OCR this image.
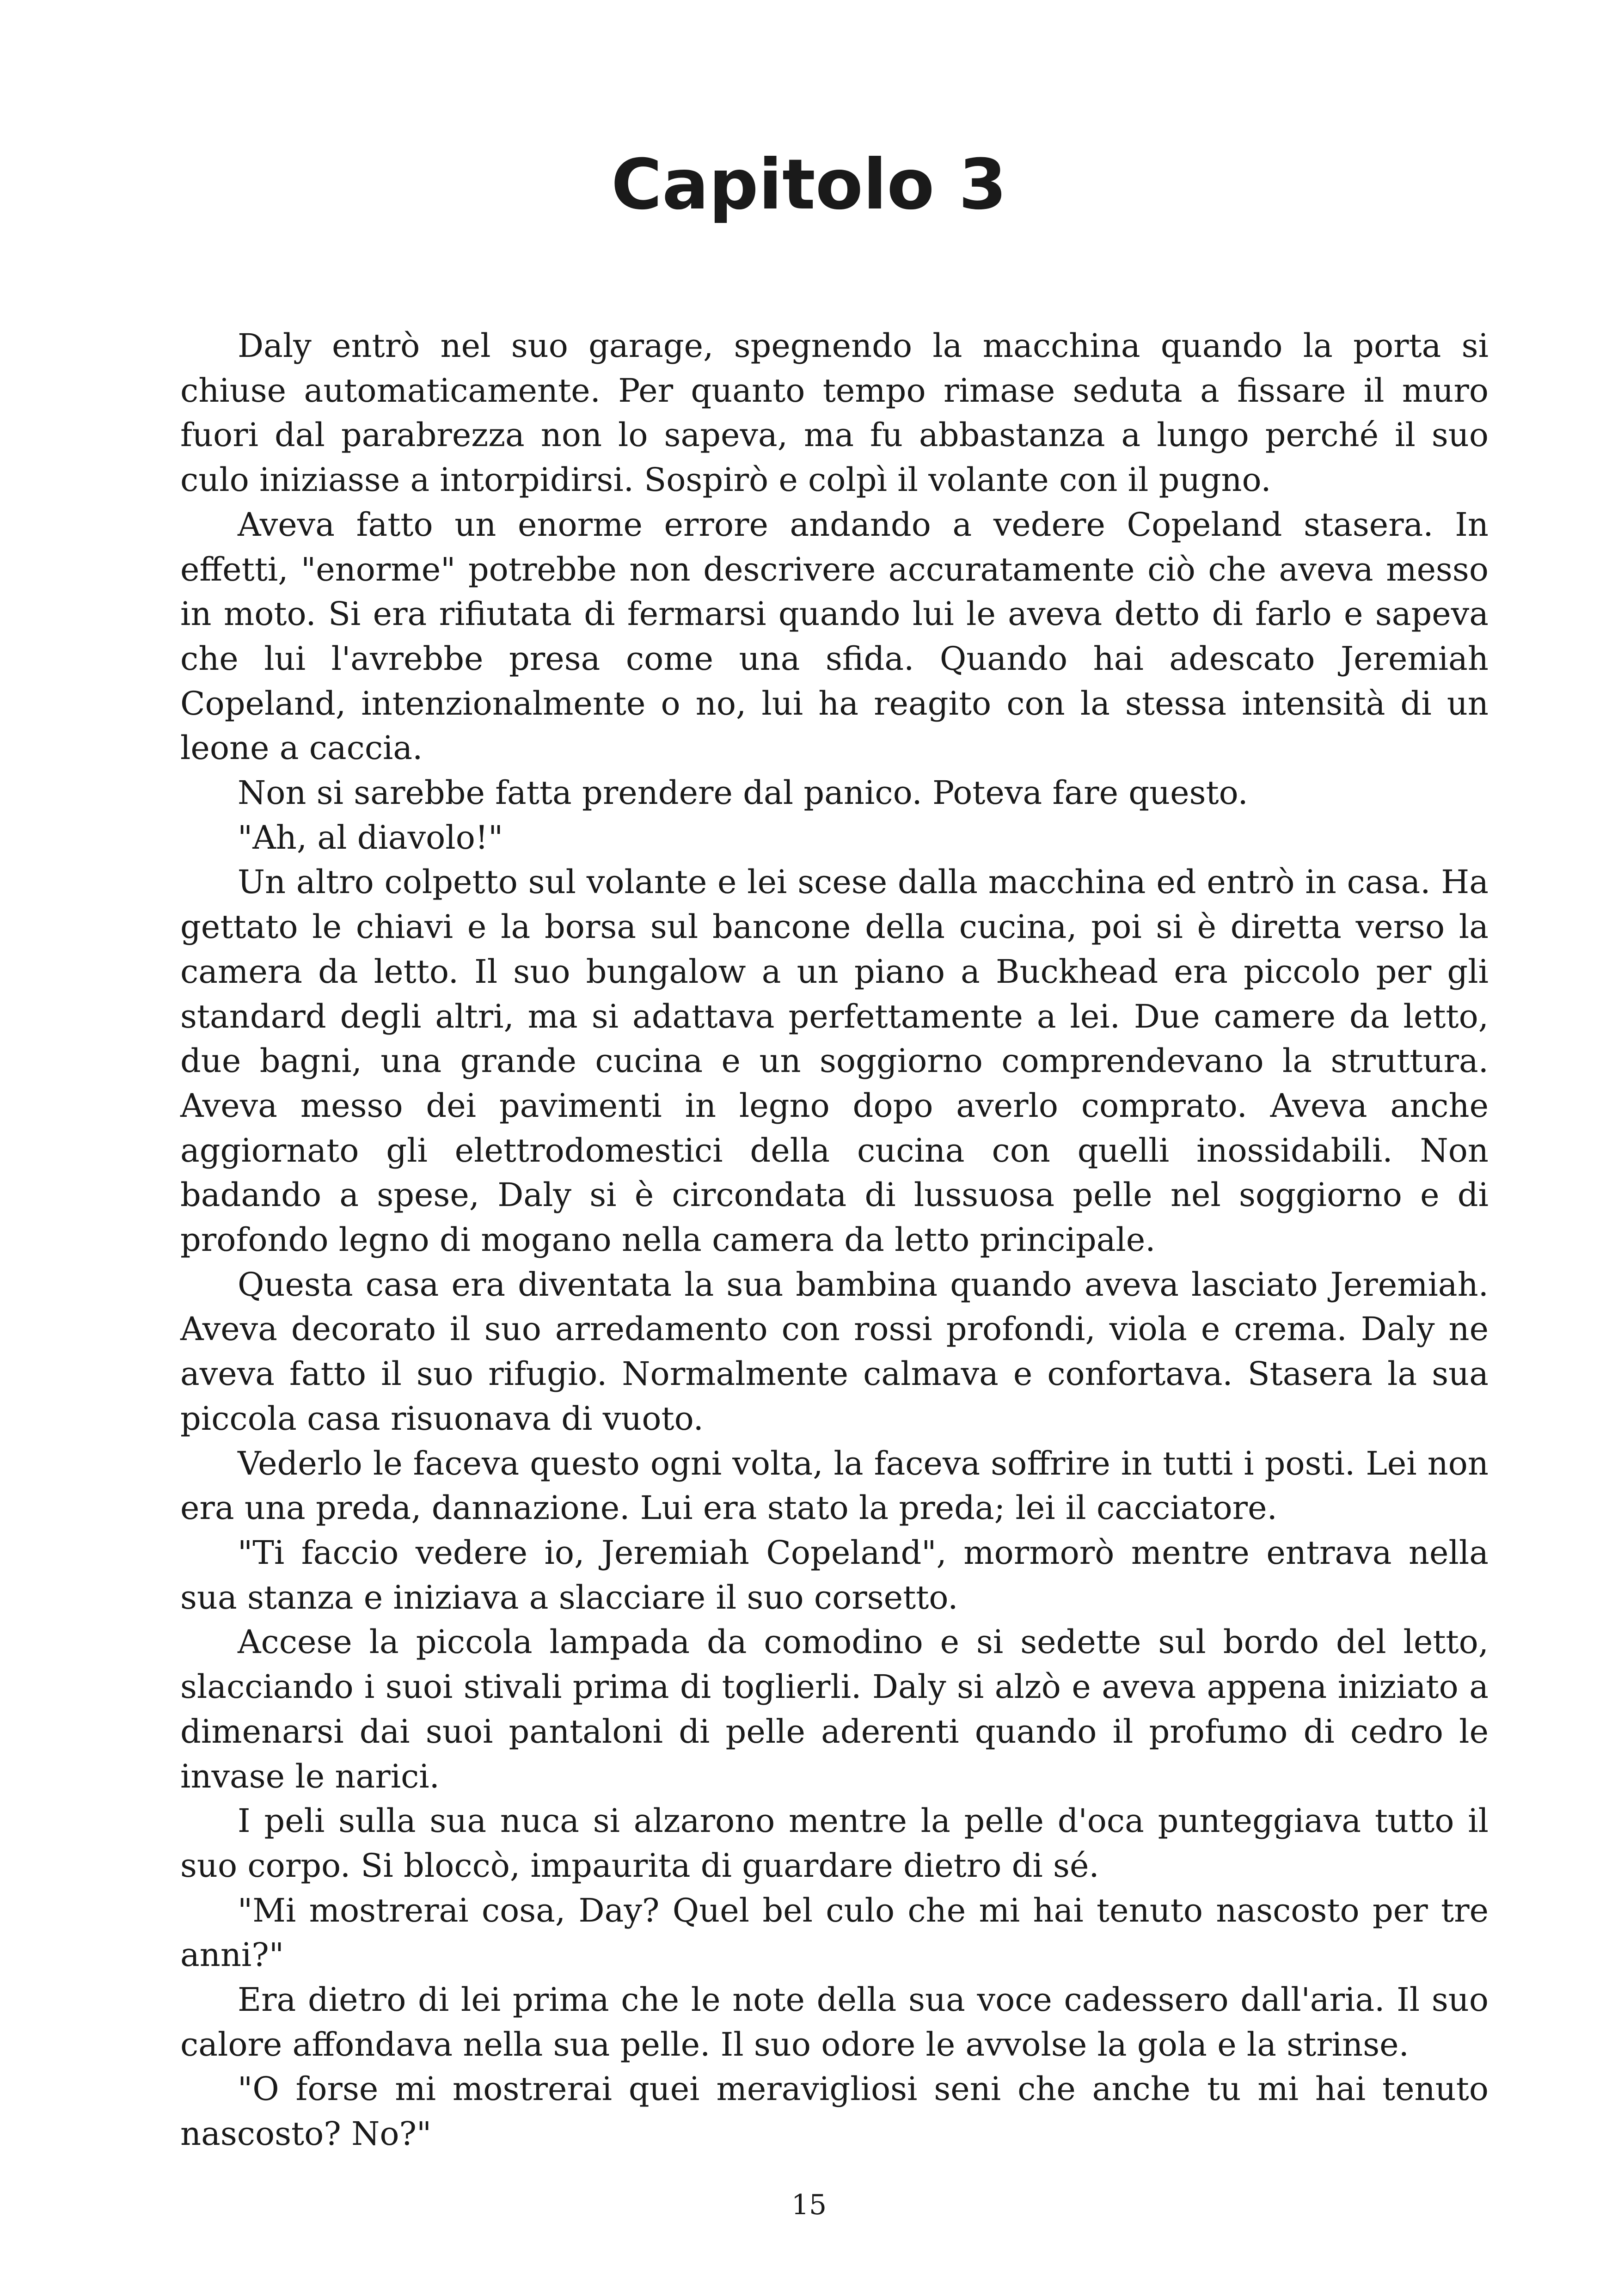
Capitolo 3

Daly entrò nel suo garage, spegnendo la macchina quando la porta si chiuse automaticamente. Per quanto tempo rimase seduta a fissare il muro fuori dal parabrezza non lo sapeva, ma fu abbastanza a lungo perché il suo culo iniziasse a intorpidirsi. Sospirò e colpì il volante con il pugno.

Aveva fatto un enorme errore andando a vedere Copeland stasera. In effetti, "enorme" potrebbe non descrivere accuratamente ciò che aveva messo in moto. Si era rifiutata di fermarsi quando lui le aveva detto di farlo e sapeva che lui l'avrebbe presa come una sfida. Quando hai adescato Jeremiah Copeland, intenzionalmente o no, lui ha reagito con la stessa intensità di un leone a caccia.

Non si sarebbe fatta prendere dal panico. Poteva fare questo.

"Ah, al diavolo!"

Un altro colpetto sul volante e lei scese dalla macchina ed entrò in casa. Ha gettato le chiavi e la borsa sul bancone della cucina, poi si è diretta verso la camera da letto. Il suo bungalow a un piano a Buckhead era piccolo per gli standard degli altri, ma si adattava perfettamente a lei. Due camere da letto, due bagni, una grande cucina e un soggiorno comprendevano la struttura. Aveva messo dei pavimenti in legno dopo averlo comprato. Aveva anche aggiornato gli elettrodomestici della cucina con quelli inossidabili. Non badando a spese, Daly si è circondata di lussuosa pelle nel soggiorno e di profondo legno di mogano nella camera da letto principale.

Questa casa era diventata la sua bambina quando aveva lasciato Jeremiah. Aveva decorato il suo arredamento con rossi profondi, viola e crema. Daly ne aveva fatto il suo rifugio. Normalmente calmava e confortava. Stasera la sua piccola casa risuonava di vuoto.

Vederlo le faceva questo ogni volta, la faceva soffrire in tutti i posti. Lei non era una preda, dannazione. Lui era stato la preda; lei il cacciatore.

"Ti faccio vedere io, Jeremiah Copeland", mormorò mentre entrava nella sua stanza e iniziava a slacciare il suo corsetto.

Accese la piccola lampada da comodino e si sedette sul bordo del letto, slacciando i suoi stivali prima di toglierli. Daly si alzò e aveva appena iniziato a dimenarsi dai suoi pantaloni di pelle aderenti quando il profumo di cedro le invase le narici.

I peli sulla sua nuca si alzarono mentre la pelle d'oca punteggiava tutto il suo corpo. Si bloccò, impaurita di guardare dietro di sé.

"Mi mostrerai cosa, Day? Quel bel culo che mi hai tenuto nascosto per tre anni?"

Era dietro di lei prima che le note della sua voce cadessero dall'aria. Il suo calore affondava nella sua pelle. Il suo odore le avvolse la gola e la strinse.

"O forse mi mostrerai quei meravigliosi seni che anche tu mi hai tenuto nascosto? No?"

15
